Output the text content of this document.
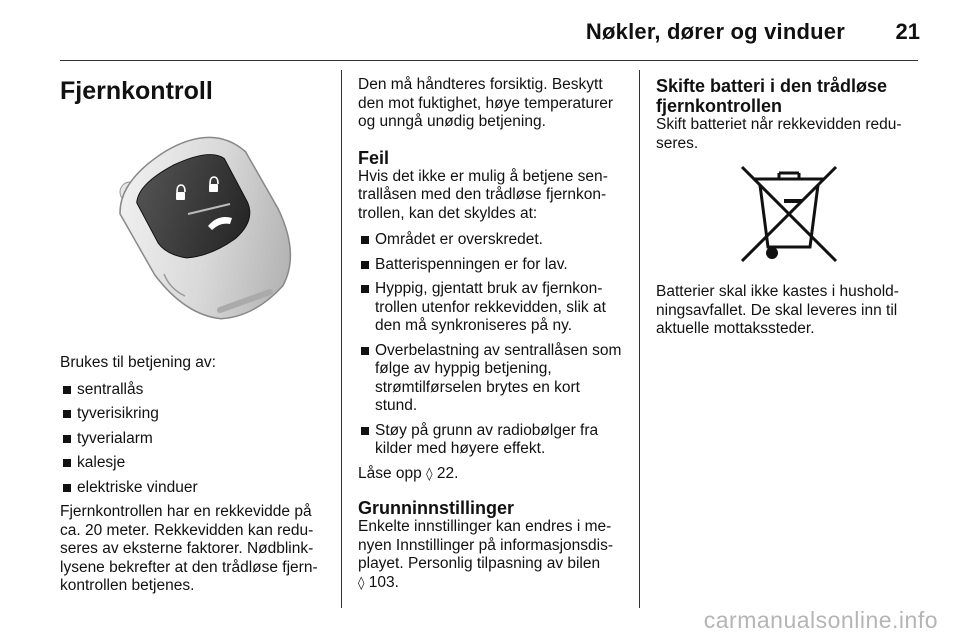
Nøkler, dører og vinduer 21
Fjernkontroll

Brukes til betjening av:

sentrallås
tyverisikring
tyverialarm
kalesje
elektriske vinduer

Fjernkontrollen har en rekkevidde på ca. 20 meter. Rekkevidden kan reduseres av eksterne faktorer. Nødblinklysene bekrefter at den trådløse fjernkontrollen betjenes.

Den må håndteres forsiktig. Beskytt den mot fuktighet, høye temperaturer og unngå unødig betjening.

Feil

Hvis det ikke er mulig å betjene sentrallåsen med den trådløse fjernkontrollen, kan det skyldes at:

Området er overskredet.
Batterispenningen er for lav.
Hyppig, gjentatt bruk av fjernkontrollen utenfor rekkevidden, slik at den må synkroniseres på ny.
Overbelastning av sentrallåsen som følge av hyppig betjening, strømtilførselen brytes en kort stund.
Støy på grunn av radiobølger fra kilder med høyere effekt.

Låse opp ◊ 22.

Grunninnstillinger

Enkelte innstillinger kan endres i menyen Innstillinger på informasjonsdisplayet. Personlig tilpasning av bilen

◊ 103.

Skifte batteri i den trådløse fjernkontrollen

Skift batteriet når rekkevidden reduseres.

Batterier skal ikke kastes i husholdningsavfallet. De skal leveres inn til aktuelle mottakssteder.

carmanualsonline.info
